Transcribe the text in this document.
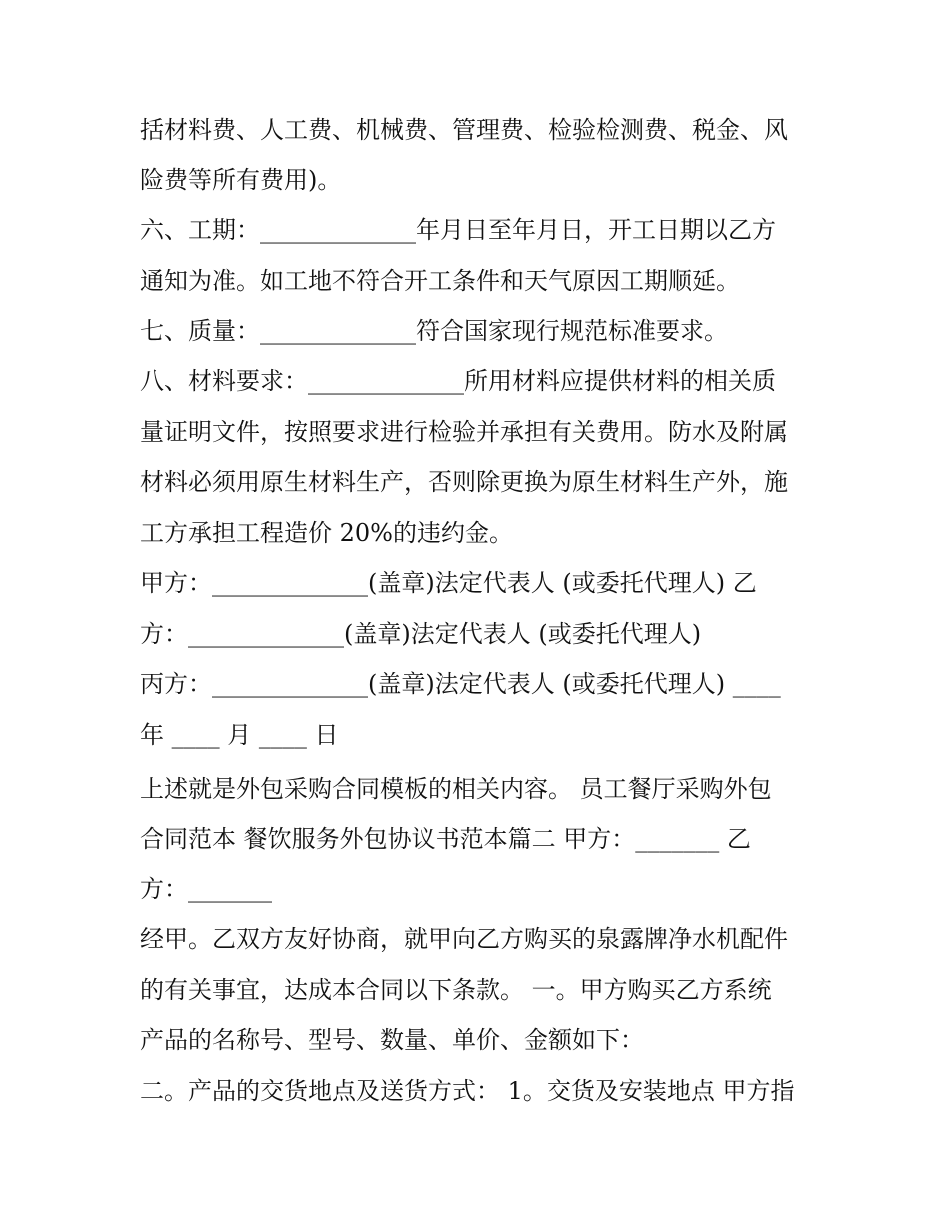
括材料费、人工费、机械费、管理费、检验检测费、税金、风
险费等所有费用)。
六、工期：_____________年月日至年月日，开工日期以乙方
通知为准。如工地不符合开工条件和天气原因工期顺延。
七、质量：_____________符合国家现行规范标准要求。
八、材料要求：_____________所用材料应提供材料的相关质
量证明文件，按照要求进行检验并承担有关费用。防水及附属
材料必须用原生材料生产，否则除更换为原生材料生产外，施
工方承担工程造价 20%的违约金。
甲方：_____________(盖章)法定代表人 (或委托代理人) 乙
方：_____________(盖章)法定代表人 (或委托代理人)
丙方：_____________(盖章)法定代表人 (或委托代理人) ____
年 ____ 月 ____ 日
上述就是外包采购合同模板的相关内容。 员工餐厅采购外包
合同范本 餐饮服务外包协议书范本篇二 甲方：_______ 乙
方：_______
经甲。乙双方友好协商，就甲向乙方购买的泉露牌净水机配件
的有关事宜，达成本合同以下条款。 一。甲方购买乙方系统
产品的名称号、型号、数量、单价、金额如下：
二。产品的交货地点及送货方式： 1。交货及安装地点 甲方指
